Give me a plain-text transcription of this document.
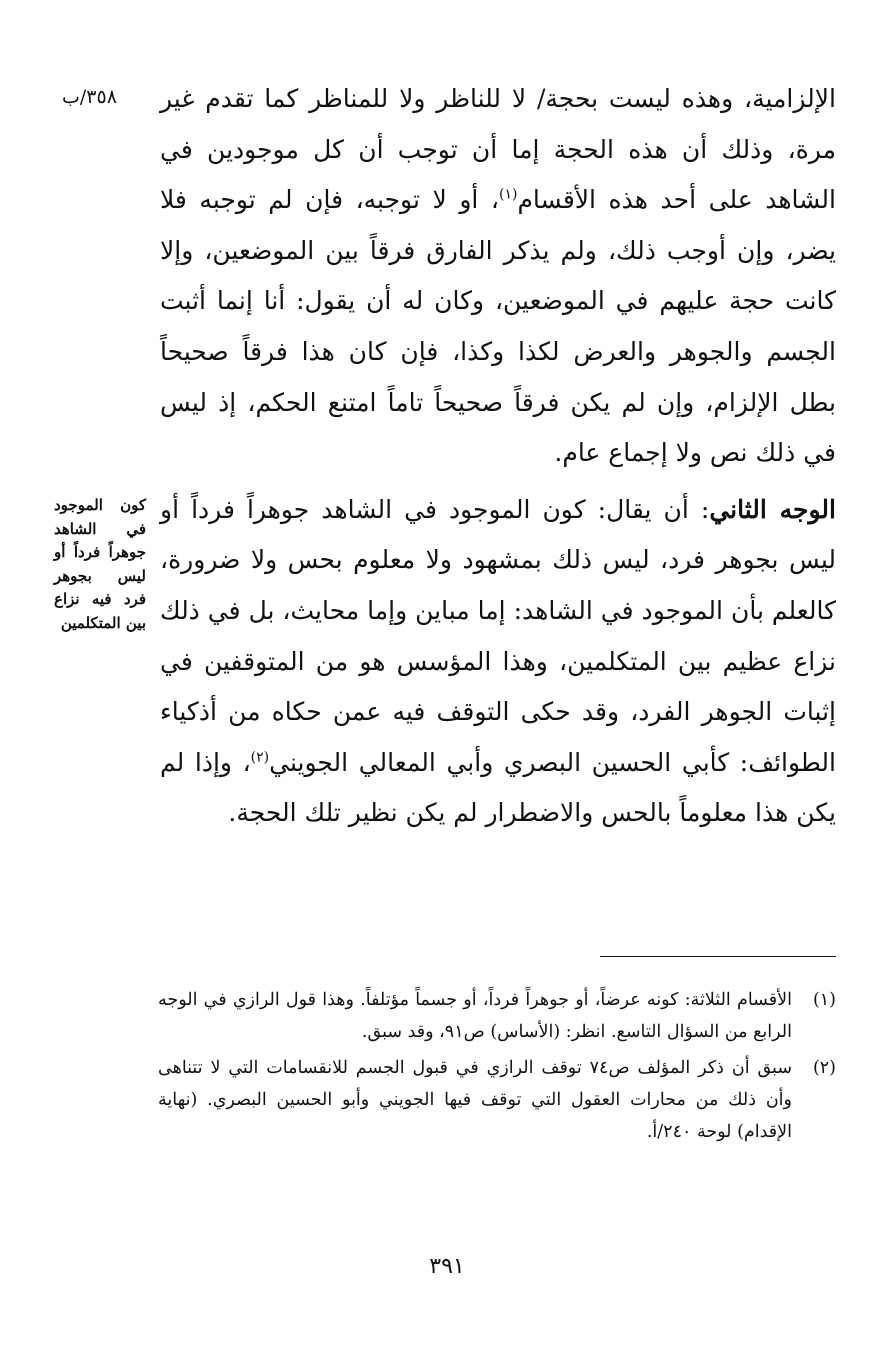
٣٥٨/ب	الإلزامية، وهذه ليست بحجة/ لا للناظر ولا للمناظر كما تقدم غير مرة، وذلك أن هذه الحجة إما أن توجب أن كل موجودين في الشاهد على أحد هذه الأقسام$^{(١)}$، أو لا توجبه، فإن لم توجبه فلا يضر، وإن أوجب ذلك، ولم يذكر الفارق فرقاً بين الموضعين، وإلا كانت حجة عليهم في الموضعين، وكان له أن يقول: أنا إنما أثبت الجسم والجوهر والعرض لكذا وكذا، فإن كان هذا فرقاً صحيحاً بطل الإلزام، وإن لم يكن فرقاً صحيحاً تاماً امتنع الحكم، إذ ليس في ذلك نص ولا إجماع عام.

الوجه الثاني: أن يقال: كون الموجود في الشاهد جوهراً فرداً أو ليس بجوهر فرد، ليس ذلك بمشهود ولا معلوم بحس ولا ضرورة، كالعلم بأن الموجود في الشاهد: إما مباين وإما محايث، بل في ذلك نزاع عظيم بين المتكلمين، وهذا المؤسس هو من المتوقفين في إثبات الجوهر الفرد، وقد حكى التوقف فيه عمن حكاه من أذكياء الطوائف: كأبي الحسين البصري وأبي المعالي الجويني$^{(٢)}$، وإذا لم يكن هذا معلوماً بالحس والاضطرار لم يكن نظير تلك الحجة.

كون الموجود في الشاهد جوهراً فرداً أو ليس بجوهر فرد فيه نزاع بين المتكلمين
(١)
الأقسام الثلاثة: كونه عرضاً، أو جوهراً فرداً، أو جسماً مؤتلفاً. وهذا قول الرازي في الوجه الرابع من السؤال التاسع. انظر: (الأساس) ص٩١، وقد سبق.
(٢)
سبق أن ذكر المؤلف ص٧٤ توقف الرازي في قبول الجسم للانقسامات التي لا تتناهى وأن ذلك من محارات العقول التي توقف فيها الجويني وأبو الحسين البصري. (نهاية الإقدام) لوحة ٢٤٠/أ.
٣٩١
